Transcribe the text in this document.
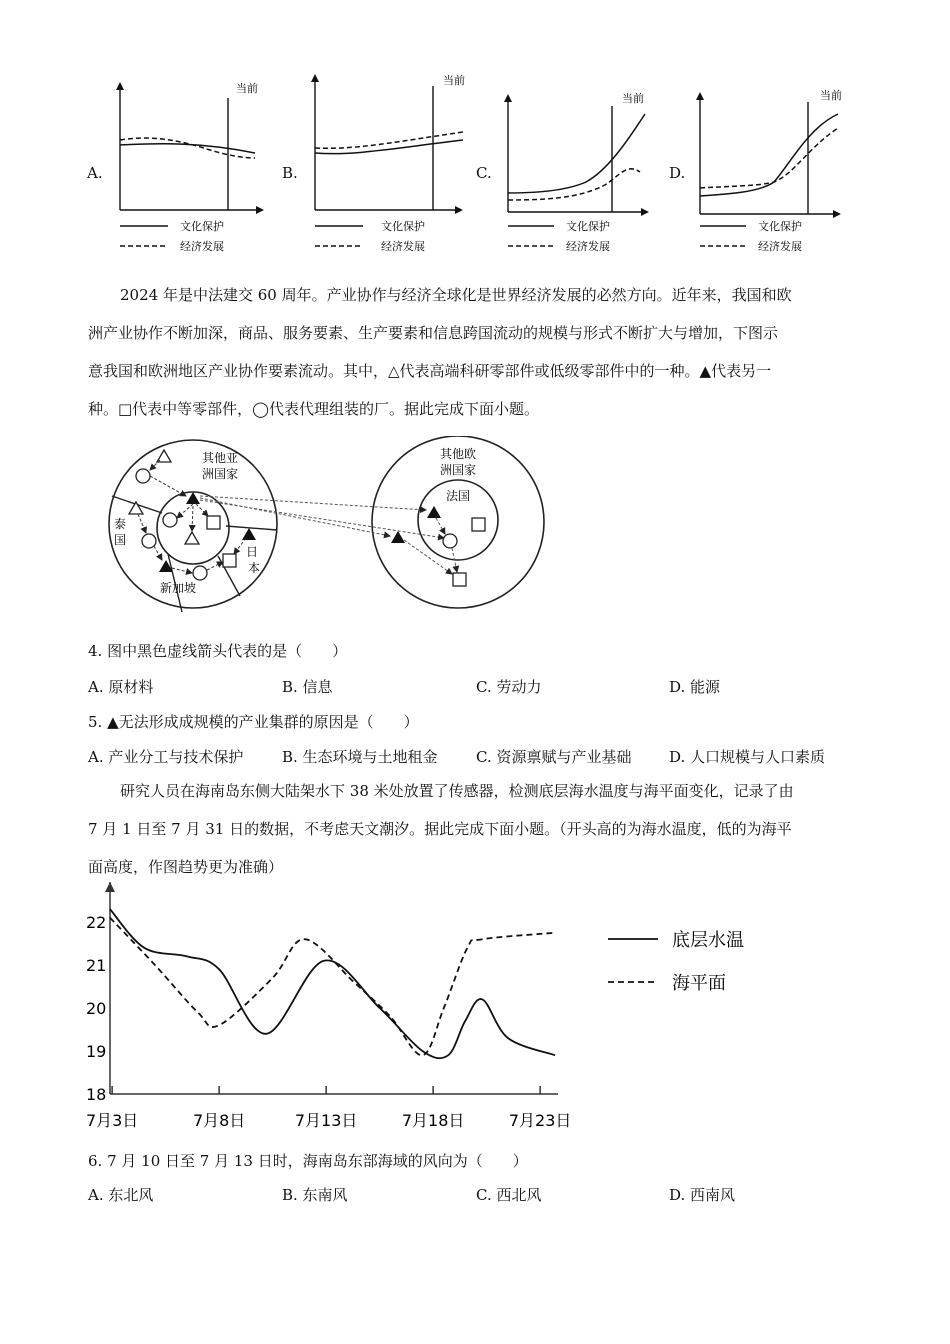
A.
当前
文化保护
经济发展
B.
当前
文化保护
经济发展
C.
当前
文化保护
经济发展
D.
当前
文化保护
经济发展
2024 年是中法建交 60 周年。产业协作与经济全球化是世界经济发展的必然方向。近年来，我国和欧
洲产业协作不断加深，商品、服务要素、生产要素和信息跨国流动的规模与形式不断扩大与增加，下图示
意我国和欧洲地区产业协作要素流动。其中，△代表高端科研零部件或低级零部件中的一种。▲代表另一
种。□代表中等零部件，◯代表代理组装的厂。据此完成下面小题。
其他亚
洲国家
泰
国
日
本
新加坡
其他欧
洲国家
法国
4. 图中黑色虚线箭头代表的是（　　）
A. 原材料	B. 信息	C. 劳动力	D. 能源
5. ▲无法形成成规模的产业集群的原因是（　　）
A. 产业分工与技术保护	B. 生态环境与土地租金	C. 资源禀赋与产业基础	D. 人口规模与人口素质
研究人员在海南岛东侧大陆架水下 38 米处放置了传感器，检测底层海水温度与海平面变化，记录了由
7 月 1 日至 7 月 31 日的数据，不考虑天文潮汐。据此完成下面小题。（开头高的为海水温度，低的为海平
面高度，作图趋势更为准确）
18
19
20
21
22
7月3日	7月8日	7月13日	7月18日	7月23日
底层水温
海平面
6. 7 月 10 日至 7 月 13 日时，海南岛东部海域的风向为（　　）
A. 东北风	B. 东南风	C. 西北风	D. 西南风
